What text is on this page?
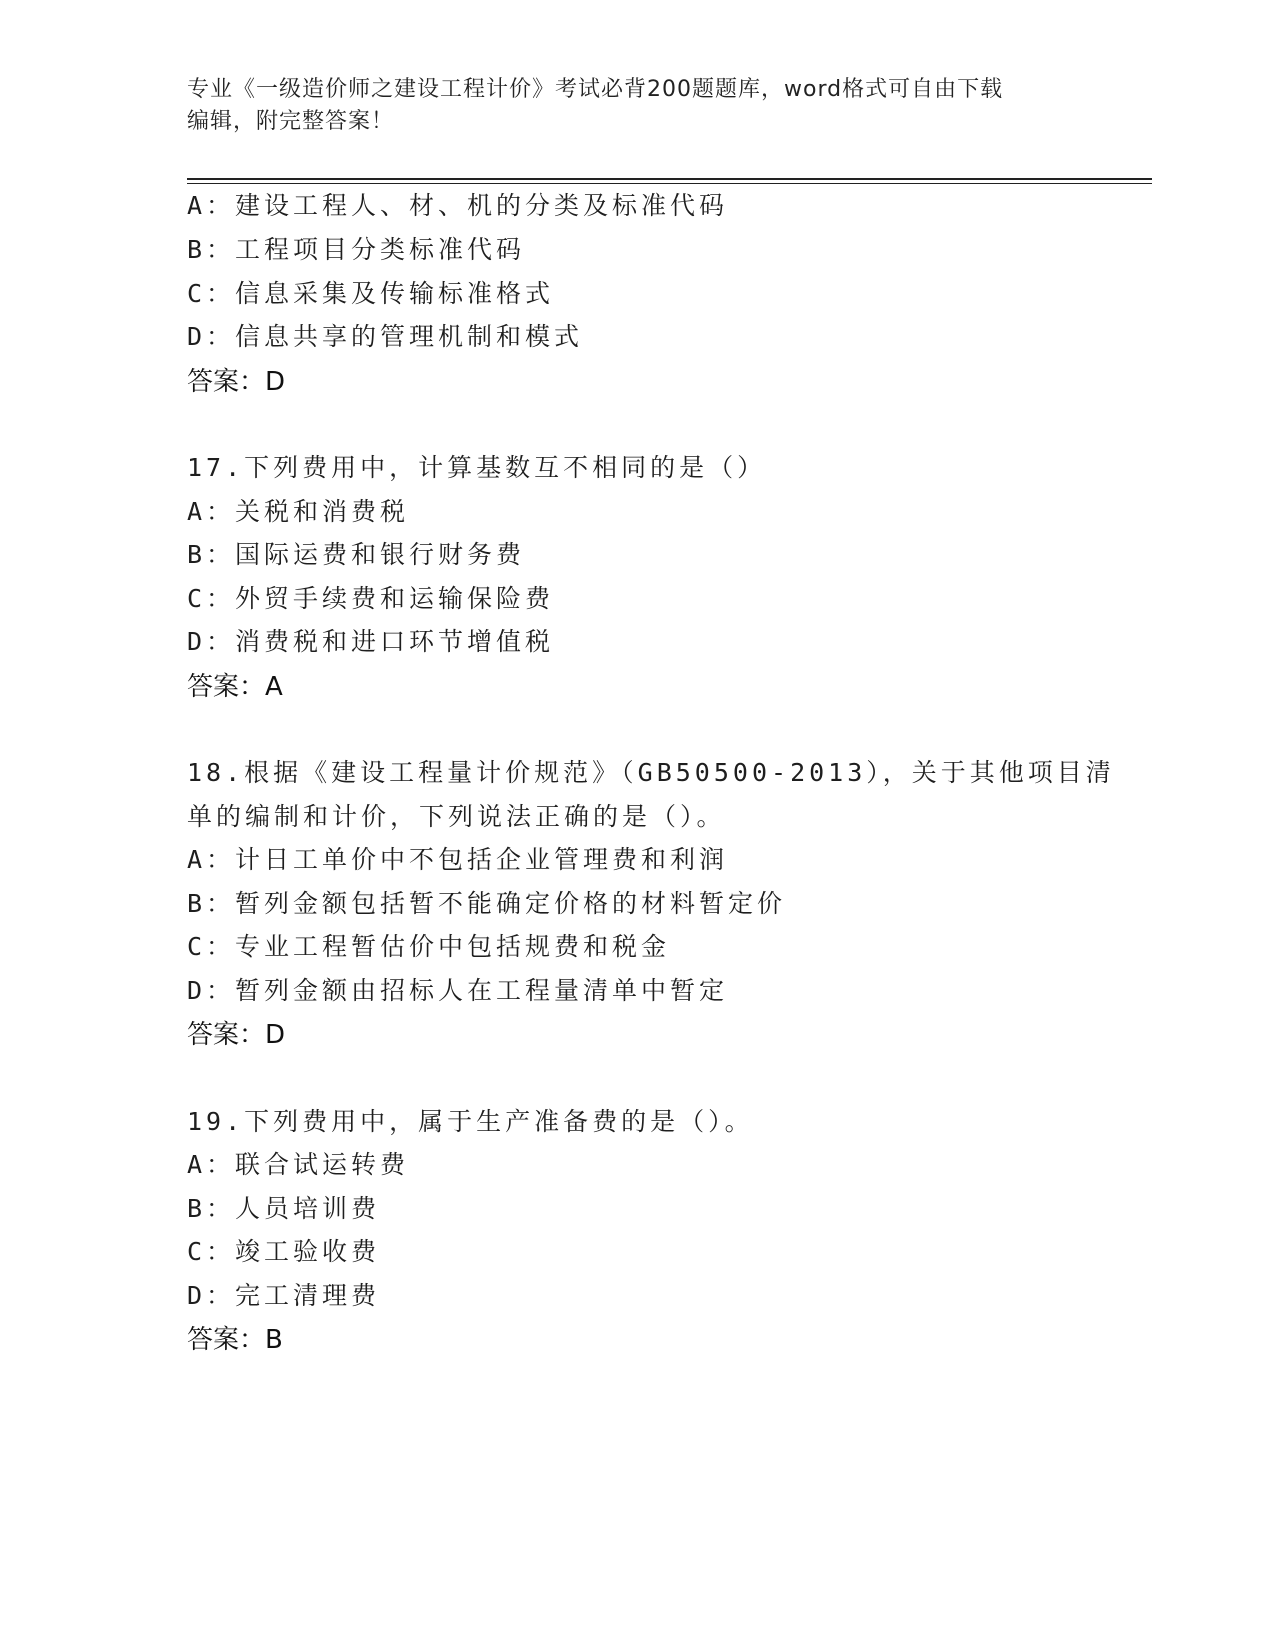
专业《一级造价师之建设工程计价》考试必背200题题库，word格式可自由下载
编辑，附完整答案！
A：建设工程人、材、机的分类及标准代码
B：工程项目分类标准代码
C：信息采集及传输标准格式
D：信息共享的管理机制和模式
答案：D
17.下列费用中，计算基数互不相同的是（）
A：关税和消费税
B：国际运费和银行财务费
C：外贸手续费和运输保险费
D：消费税和进口环节增值税
答案：A
18.根据《建设工程量计价规范》（GB50500-2013），关于其他项目清
单的编制和计价，下列说法正确的是（）。
A：计日工单价中不包括企业管理费和利润
B：暂列金额包括暂不能确定价格的材料暂定价
C：专业工程暂估价中包括规费和税金
D：暂列金额由招标人在工程量清单中暂定
答案：D
19.下列费用中，属于生产准备费的是（）。
A：联合试运转费
B：人员培训费
C：竣工验收费
D：完工清理费
答案：B
